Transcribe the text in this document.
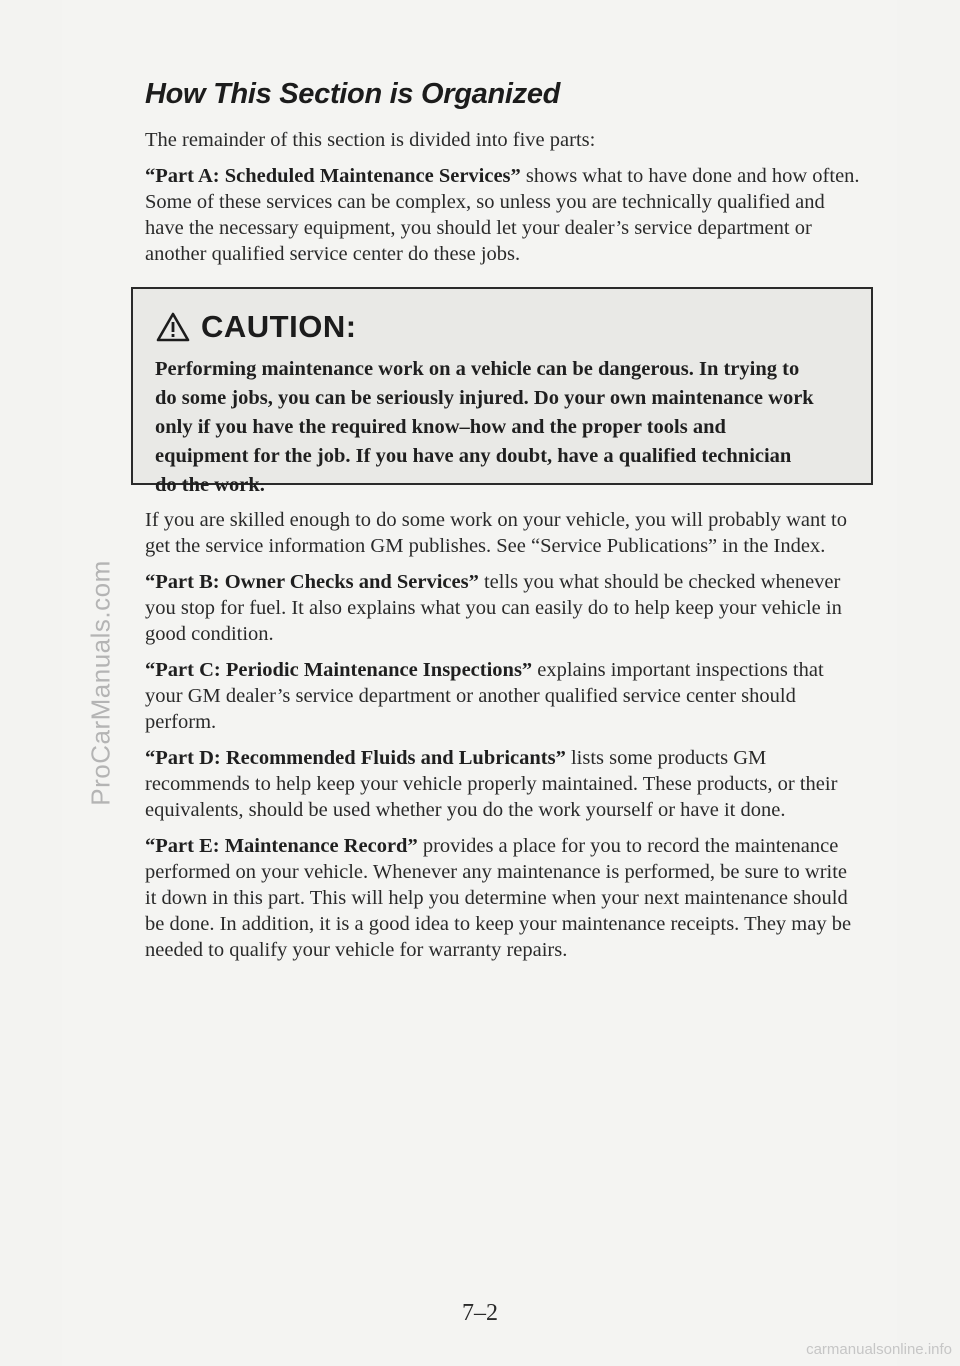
ProCarManuals.com
How This Section is Organized

The remainder of this section is divided into five parts:

“Part A: Scheduled Maintenance Services” shows what to have done and how often. Some of these services can be complex, so unless you are technically qualified and have the necessary equipment, you should let your dealer’s service department or another qualified service center do these jobs.

CAUTION:
Performing maintenance work on a vehicle can be dangerous. In trying to do some jobs, you can be seriously injured. Do your own maintenance work only if you have the required know–how and the proper tools and equipment for the job. If you have any doubt, have a qualified technician do the work.

If you are skilled enough to do some work on your vehicle, you will probably want to get the service information GM publishes. See “Service Publications” in the Index.

“Part B: Owner Checks and Services” tells you what should be checked whenever you stop for fuel. It also explains what you can easily do to help keep your vehicle in good condition.

“Part C: Periodic Maintenance Inspections” explains important inspections that your GM dealer’s service department or another qualified service center should perform.

“Part D: Recommended Fluids and Lubricants” lists some products GM recommends to help keep your vehicle properly maintained. These products, or their equivalents, should be used whether you do the work yourself or have it done.

“Part E: Maintenance Record” provides a place for you to record the maintenance performed on your vehicle. Whenever any maintenance is performed, be sure to write it down in this part. This will help you determine when your next maintenance should be done. In addition, it is a good idea to keep your maintenance receipts. They may be needed to qualify your vehicle for warranty repairs.

7–2
carmanualsonline.info
